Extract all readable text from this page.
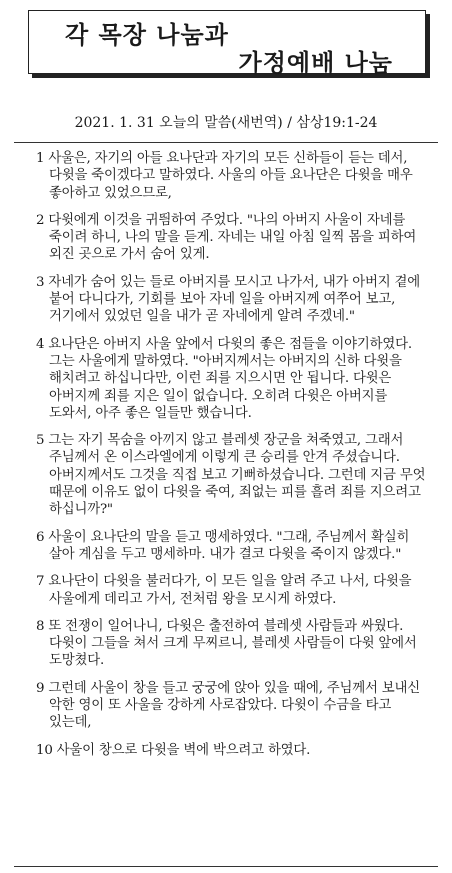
각 목장 나눔과
가정예배 나눔
2021. 1. 31 오늘의 말씀(새번역) / 삼상19:1-24
1 사울은, 자기의 아들 요나단과 자기의 모든 신하들이 듣는 데서, 다윗을 죽이겠다고 말하였다. 사울의 아들 요나단은 다윗을 매우 좋아하고 있었으므로,
2 다윗에게 이것을 귀띔하여 주었다. "나의 아버지 사울이 자네를 죽이려 하니, 나의 말을 듣게. 자네는 내일 아침 일찍 몸을 피하여 외진 곳으로 가서 숨어 있게.
3 자네가 숨어 있는 들로 아버지를 모시고 나가서, 내가 아버지 곁에 붙어 다니다가, 기회를 보아 자네 일을 아버지께 여쭈어 보고, 거기에서 있었던 일을 내가 곧 자네에게 알려 주겠네."
4 요나단은 아버지 사울 앞에서 다윗의 좋은 점들을 이야기하였다. 그는 사울에게 말하였다. "아버지께서는 아버지의 신하 다윗을 해치려고 하십니다만, 이런 죄를 지으시면 안 됩니다. 다윗은 아버지께 죄를 지은 일이 없습니다. 오히려 다윗은 아버지를 도와서, 아주 좋은 일들만 했습니다.
5 그는 자기 목숨을 아끼지 않고 블레셋 장군을 쳐죽였고, 그래서 주님께서 온 이스라엘에게 이렇게 큰 승리를 안겨 주셨습니다. 아버지께서도 그것을 직접 보고 기뻐하셨습니다. 그런데 지금 무엇 때문에 이유도 없이 다윗을 죽여, 죄없는 피를 흘려 죄를 지으려고 하십니까?"
6 사울이 요나단의 말을 듣고 맹세하였다. "그래, 주님께서 확실히 살아 계심을 두고 맹세하마. 내가 결코 다윗을 죽이지 않겠다."
7 요나단이 다윗을 불러다가, 이 모든 일을 알려 주고 나서, 다윗을 사울에게 데리고 가서, 전처럼 왕을 모시게 하였다.
8 또 전쟁이 일어나니, 다윗은 출전하여 블레셋 사람들과 싸웠다. 다윗이 그들을 쳐서 크게 무찌르니, 블레셋 사람들이 다윗 앞에서 도망쳤다.
9 그런데 사울이 창을 들고 궁궁에 앉아 있을 때에, 주님께서 보내신 악한 영이 또 사울을 강하게 사로잡았다. 다윗이 수금을 타고 있는데,
10 사울이 창으로 다윗을 벽에 박으려고 하였다.
